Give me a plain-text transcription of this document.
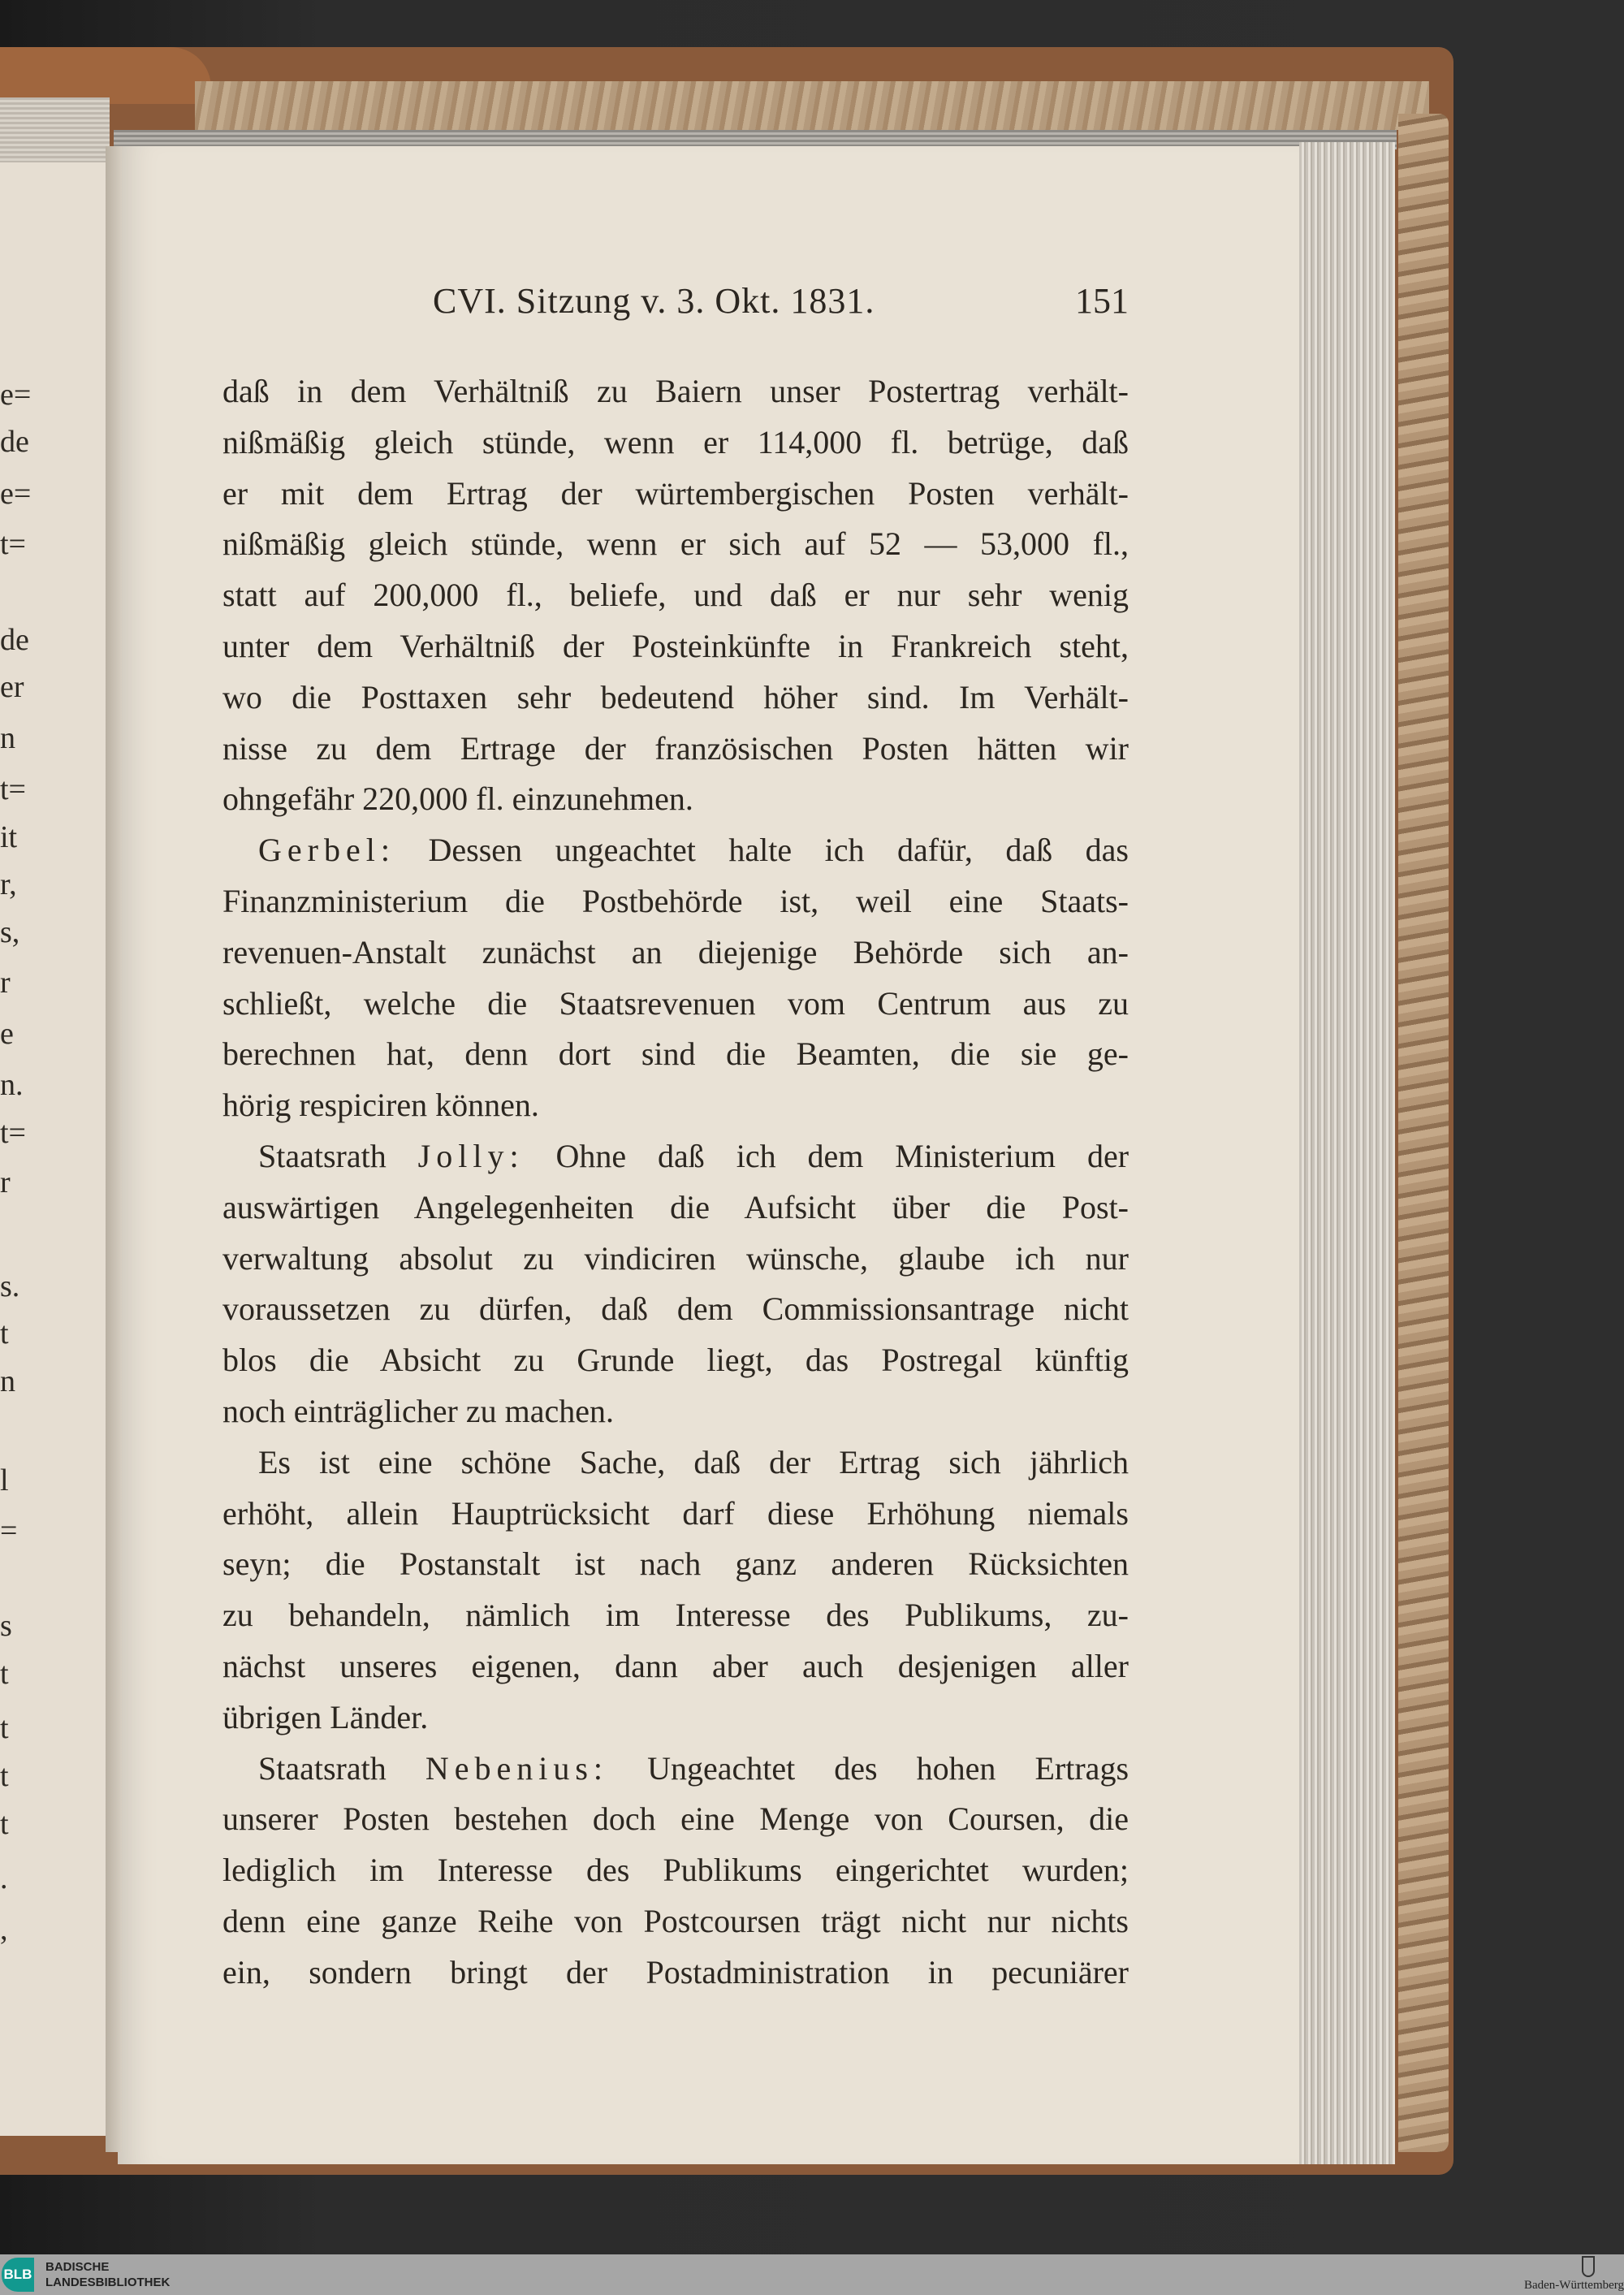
e=
de
e=
t=
de
er
n
t=
it
r,
s,
r
e
n.
t=
r
s.
t
n
l
=
s
t
t
t
t
.
,
CVI. Sitzung v. 3. Okt. 1831.	151
daß in dem Verhältniß zu Baiern unser Postertrag verhält-
nißmäßig gleich stünde, wenn er 114,000 fl. betrüge, daß
er mit dem Ertrag der würtembergischen Posten verhält-
nißmäßig gleich stünde, wenn er sich auf 52 — 53,000 fl.,
statt auf 200,000 fl., beliefe, und daß er nur sehr wenig
unter dem Verhältniß der Posteinkünfte in Frankreich steht,
wo die Posttaxen sehr bedeutend höher sind. Im Verhält-
nisse zu dem Ertrage der französischen Posten hätten wir
ohngefähr 220,000 fl. einzunehmen.
Gerbel: Dessen ungeachtet halte ich dafür, daß das
Finanzministerium die Postbehörde ist, weil eine Staats-
revenuen-Anstalt zunächst an diejenige Behörde sich an-
schließt, welche die Staatsrevenuen vom Centrum aus zu
berechnen hat, denn dort sind die Beamten, die sie ge-
hörig respiciren können.
Staatsrath Jolly: Ohne daß ich dem Ministerium der
auswärtigen Angelegenheiten die Aufsicht über die Post-
verwaltung absolut zu vindiciren wünsche, glaube ich nur
voraussetzen zu dürfen, daß dem Commissionsantrage nicht
blos die Absicht zu Grunde liegt, das Postregal künftig
noch einträglicher zu machen.
Es ist eine schöne Sache, daß der Ertrag sich jährlich
erhöht, allein Hauptrücksicht darf diese Erhöhung niemals
seyn; die Postanstalt ist nach ganz anderen Rücksichten
zu behandeln, nämlich im Interesse des Publikums, zu-
nächst unseres eigenen, dann aber auch desjenigen aller
übrigen Länder.
Staatsrath Nebenius: Ungeachtet des hohen Ertrags
unserer Posten bestehen doch eine Menge von Coursen, die
lediglich im Interesse des Publikums eingerichtet wurden;
denn eine ganze Reihe von Postcoursen trägt nicht nur nichts
ein, sondern bringt der Postadministration in pecuniärer
BLB BADISCHE
LANDESBIBLIOTHEK	Baden-Württemberg
